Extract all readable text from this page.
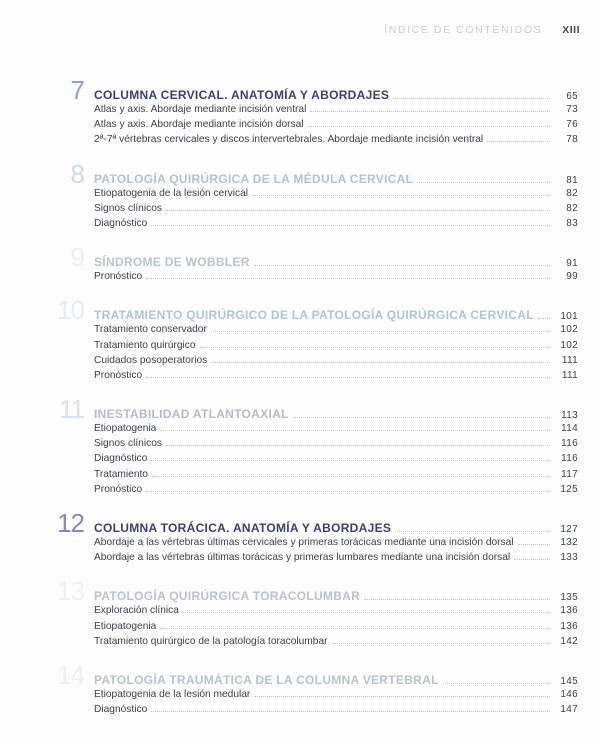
ÍNDICE DE CONTENIDOS XIII
7 COLUMNA CERVICAL. ANATOMÍA Y ABORDAJES	65
Atlas y axis. Abordaje mediante incisión ventral	73
Atlas y axis. Abordaje mediante incisión dorsal	76
2ª-7ª vértebras cervicales y discos intervertebrales. Abordaje mediante incisión ventral	78
8 PATOLOGÍA QUIRÚRGICA DE LA MÉDULA CERVICAL	81
Etiopatogenia de la lesión cervical	82
Signos clínicos	82
Diagnóstico	83
9 SÍNDROME DE WOBBLER	91
Pronóstico	99
10 TRATAMIENTO QUIRÚRGICO DE LA PATOLOGÍA QUIRÚRGICA CERVICAL	101
Tratamiento conservador	102
Tratamiento quirúrgico	102
Cuidados posoperatorios	111
Pronóstico	111
11 INESTABILIDAD ATLANTOAXIAL	113
Etiopatogenia	114
Signos clínicos	116
Diagnóstico	116
Tratamiento	117
Pronóstico	125
12 COLUMNA TORÁCICA. ANATOMÍA Y ABORDAJES	127
Abordaje a las vértebras últimas cervicales y primeras torácicas mediante una incisión dorsal	132
Abordaje a las vértebras últimas torácicas y primeras lumbares mediante una incisión dorsal	133
13 PATOLOGÍA QUIRÚRGICA TORACOLUMBAR	135
Exploración clínica	136
Etiopatogenia	136
Tratamiento quirúrgico de la patología toracolumbar	142
14 PATOLOGÍA TRAUMÁTICA DE LA COLUMNA VERTEBRAL	145
Etiopatogenia de la lesión medular	146
Diagnóstico	147
